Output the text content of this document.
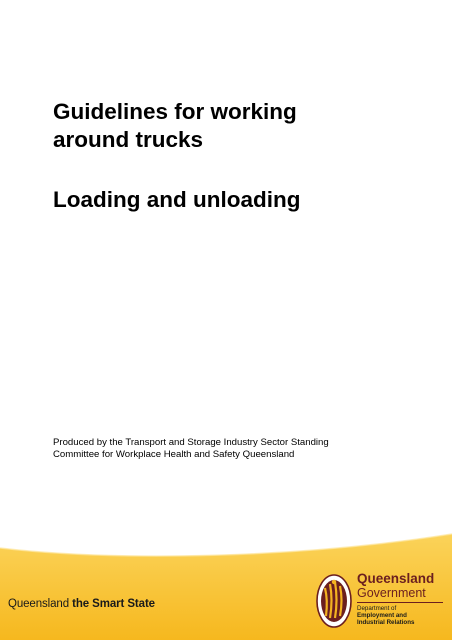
Guidelines for working
around trucks
Loading and unloading
Produced by the Transport and Storage Industry Sector Standing
Committee for Workplace Health and Safety Queensland
Queensland the Smart State
Queensland
Government
Department of
Employment and
Industrial Relations
